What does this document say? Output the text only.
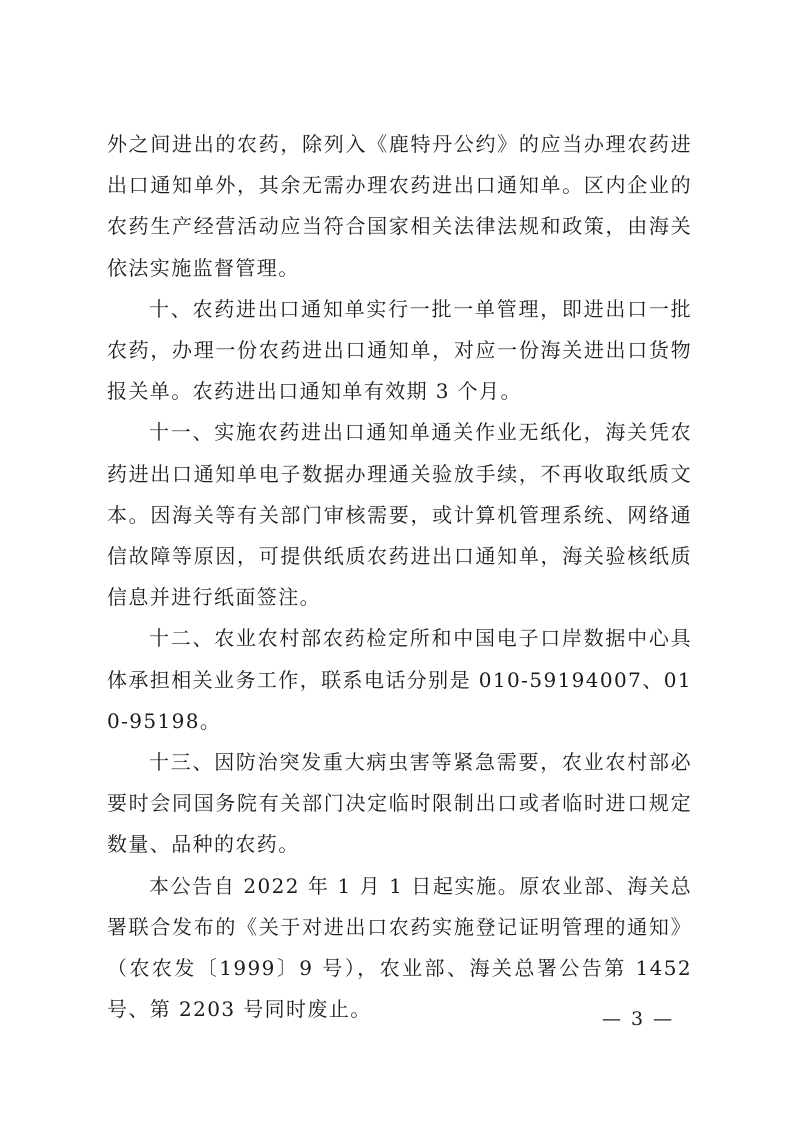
外之间进出的农药，除列入《鹿特丹公约》的应当办理农药进出口通知单外，其余无需办理农药进出口通知单。区内企业的农药生产经营活动应当符合国家相关法律法规和政策，由海关依法实施监督管理。

十、农药进出口通知单实行一批一单管理，即进出口一批农药，办理一份农药进出口通知单，对应一份海关进出口货物报关单。农药进出口通知单有效期 3 个月。

十一、实施农药进出口通知单通关作业无纸化，海关凭农药进出口通知单电子数据办理通关验放手续，不再收取纸质文本。因海关等有关部门审核需要，或计算机管理系统、网络通信故障等原因，可提供纸质农药进出口通知单，海关验核纸质信息并进行纸面签注。

十二、农业农村部农药检定所和中国电子口岸数据中心具体承担相关业务工作，联系电话分别是 010-59194007、010-95198。

十三、因防治突发重大病虫害等紧急需要，农业农村部必要时会同国务院有关部门决定临时限制出口或者临时进口规定数量、品种的农药。

本公告自 2022 年 1 月 1 日起实施。原农业部、海关总署联合发布的《关于对进出口农药实施登记证明管理的通知》（农农发〔1999〕9 号），农业部、海关总署公告第 1452 号、第 2203 号同时废止。	— 3 —
